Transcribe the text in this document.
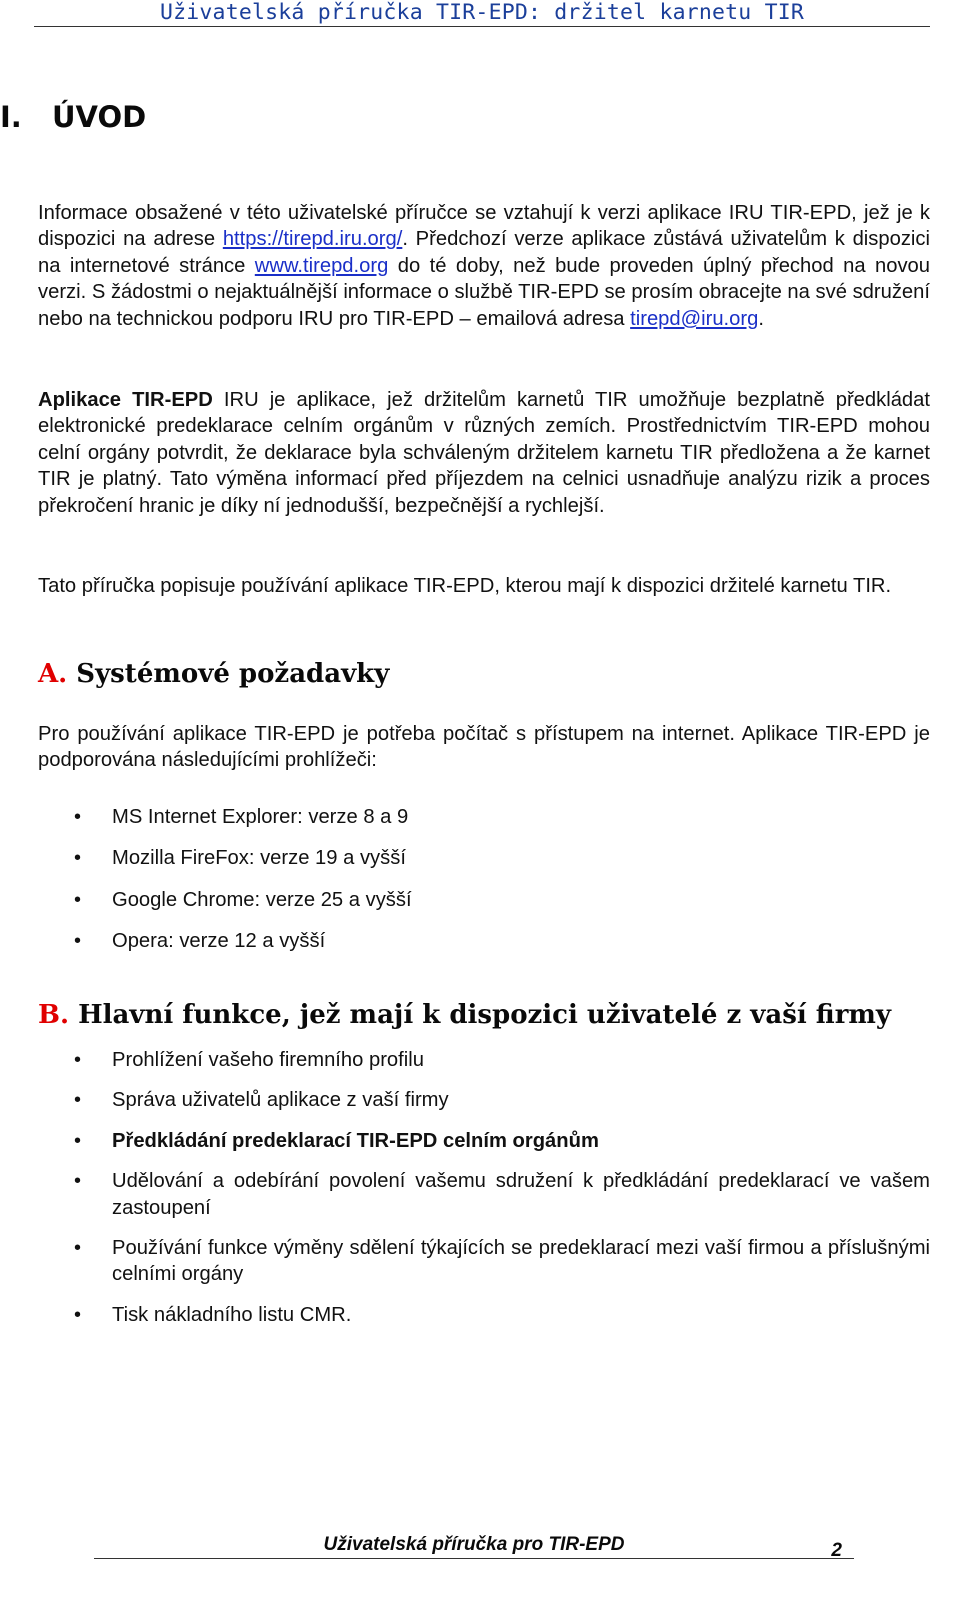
Uživatelská příručka TIR-EPD: držitel karnetu TIR
I. ÚVOD

Informace obsažené v této uživatelské příručce se vztahují k verzi aplikace IRU TIR-EPD, jež je k dispozici na adrese https://tirepd.iru.org/. Předchozí verze aplikace zůstává uživatelům k dispozici na internetové stránce www.tirepd.org do té doby, než bude proveden úplný přechod na novou verzi. S žádostmi o nejaktuálnější informace o službě TIR-EPD se prosím obracejte na své sdružení nebo na technickou podporu IRU pro TIR-EPD – emailová adresa tirepd@iru.org.

Aplikace TIR-EPD IRU je aplikace, jež držitelům karnetů TIR umožňuje bezplatně předkládat elektronické predeklarace celním orgánům v různých zemích. Prostřednictvím TIR-EPD mohou celní orgány potvrdit, že deklarace byla schváleným držitelem karnetu TIR předložena a že karnet TIR je platný. Tato výměna informací před příjezdem na celnici usnadňuje analýzu rizik a proces překročení hranic je díky ní jednodušší, bezpečnější a rychlejší.

Tato příručka popisuje používání aplikace TIR-EPD, kterou mají k dispozici držitelé karnetu TIR.

A. Systémové požadavky

Pro používání aplikace TIR-EPD je potřeba počítač s přístupem na internet. Aplikace TIR-EPD je podporována následujícími prohlížeči:

• MS Internet Explorer: verze 8 a 9
• Mozilla FireFox: verze 19 a vyšší
• Google Chrome: verze 25 a vyšší
• Opera: verze 12 a vyšší
B. Hlavní funkce, jež mají k dispozici uživatelé z vaší firmy
• Prohlížení vašeho firemního profilu
• Správa uživatelů aplikace z vaší firmy
• Předkládání predeklarací TIR-EPD celním orgánům
• Udělování a odebírání povolení vašemu sdružení k předkládání predeklarací ve vašem zastoupení
• Používání funkce výměny sdělení týkajících se predeklarací mezi vaší firmou a příslušnými celními orgány
• Tisk nákladního listu CMR.
Uživatelská příručka pro TIR-EPD	2
